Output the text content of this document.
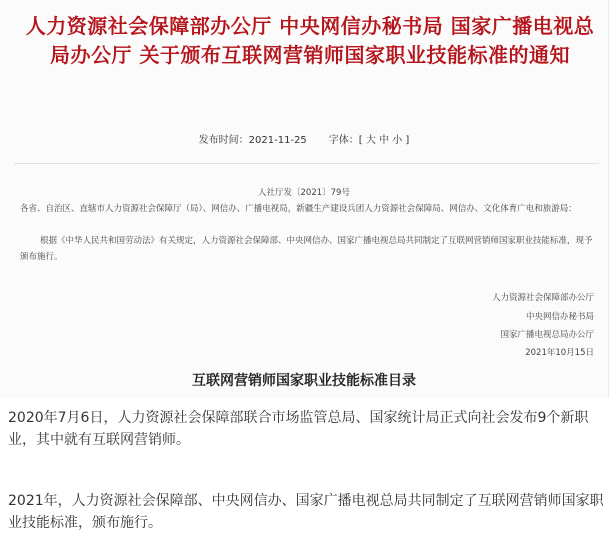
人力资源社会保障部办公厅 中央网信办秘书局 国家广播电视总局办公厅 关于颁布互联网营销师国家职业技能标准的通知
发布时间：2021-11-25 字体：[ 大 中 小 ]
人社厅发〔2021〕79号
各省、自治区、直辖市人力资源社会保障厅（局）、网信办、广播电视局，新疆生产建设兵团人力资源社会保障局、网信办、文化体育广电和旅游局：
根据《中华人民共和国劳动法》有关规定，人力资源社会保障部、中央网信办、国家广播电视总局共同制定了互联网营销师国家职业技能标准，现予颁布施行。
人力资源社会保障部办公厅
中央网信办秘书局
国家广播电视总局办公厅
2021年10月15日
互联网营销师国家职业技能标准目录
2020年7月6日，人力资源社会保障部联合市场监管总局、国家统计局正式向社会发布9个新职业，其中就有互联网营销师。
2021年，人力资源社会保障部、中央网信办、国家广播电视总局共同制定了互联网营销师国家职业技能标准，颁布施行。
